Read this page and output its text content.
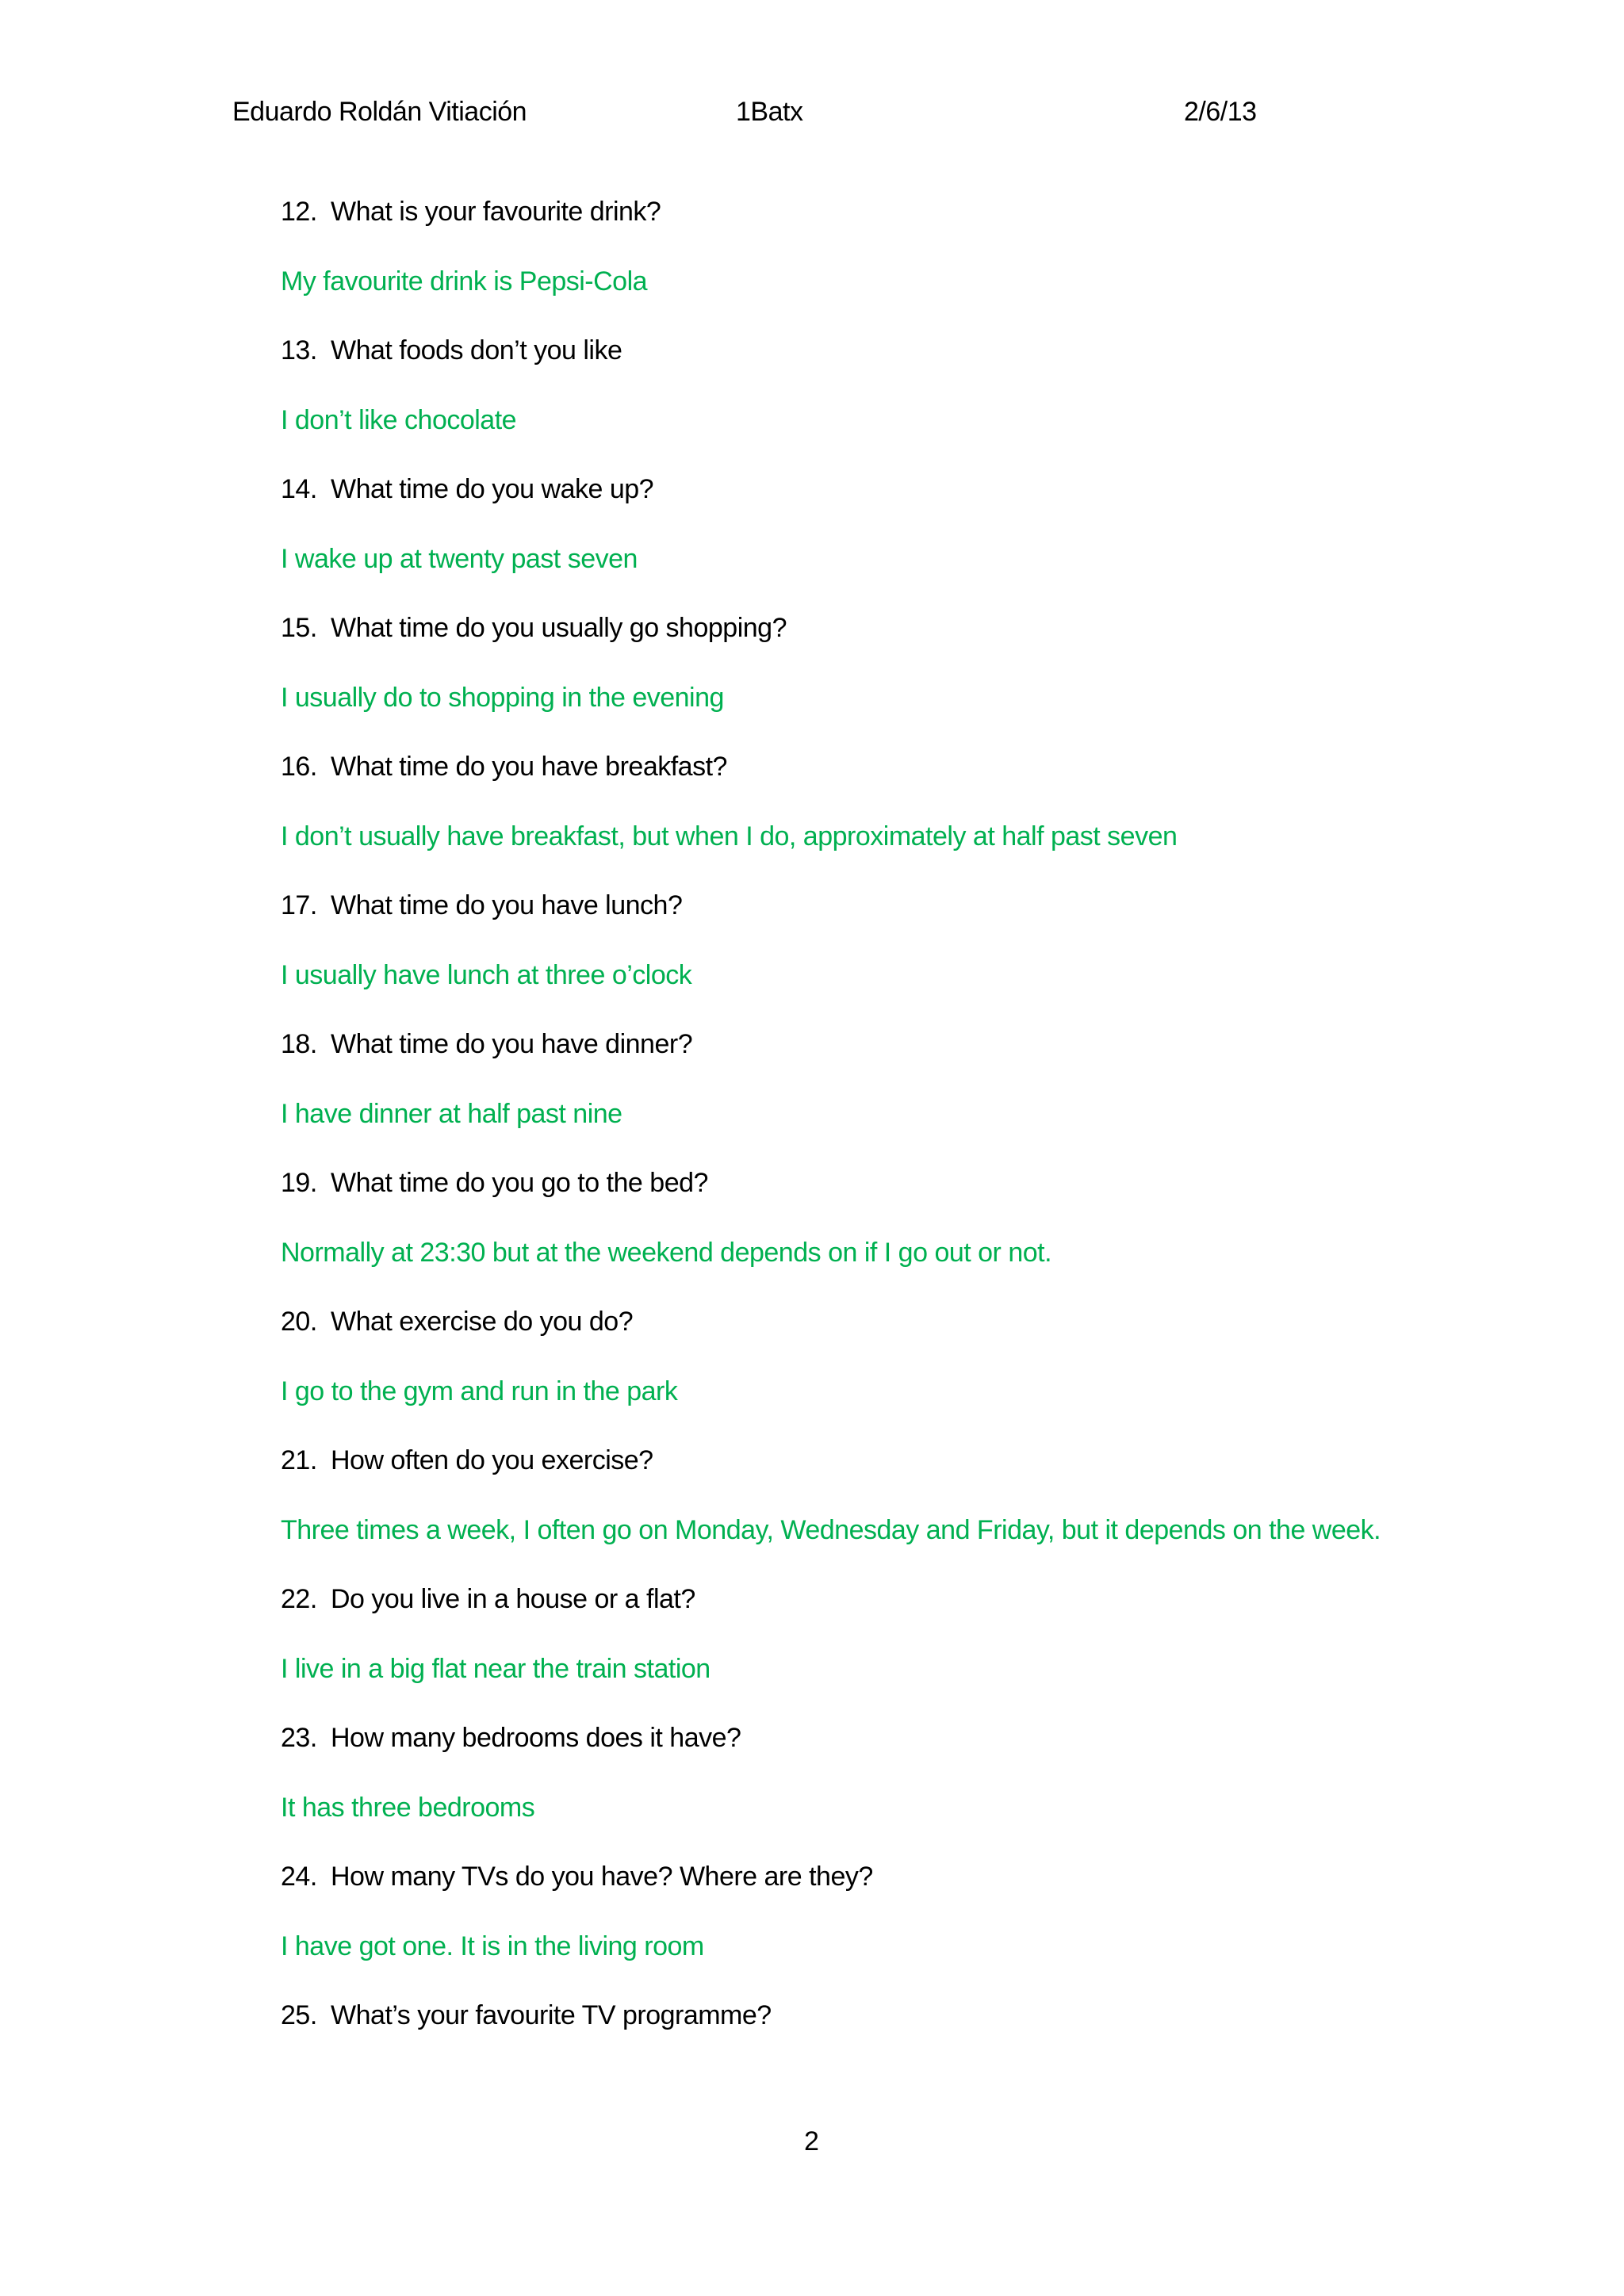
Eduardo Roldán Vitiación	1Batx	2/6/13
12. What is your favourite drink?
My favourite drink is Pepsi-Cola
13. What foods don’t you like
I don’t like chocolate
14. What time do you wake up?
I wake up at twenty past seven
15. What time do you usually go shopping?
I usually do to shopping in the evening
16. What time do you have breakfast?
I don’t usually have breakfast, but when I do, approximately at half past seven
17. What time do you have lunch?
I usually have lunch at three o’clock
18. What time do you have dinner?
I have dinner at half past nine
19. What time do you go to the bed?
Normally at 23:30 but at the weekend depends on if I go out or not.
20. What exercise do you do?
I go to the gym and run in the park
21. How often do you exercise?
Three times a week, I often go on Monday, Wednesday and Friday, but it depends on the week.
22. Do you live in a house or a flat?
I live in a big flat near the train station
23. How many bedrooms does it have?
It has three bedrooms
24. How many TVs do you have? Where are they?
I have got one. It is in the living room
25. What’s your favourite TV programme?
2
